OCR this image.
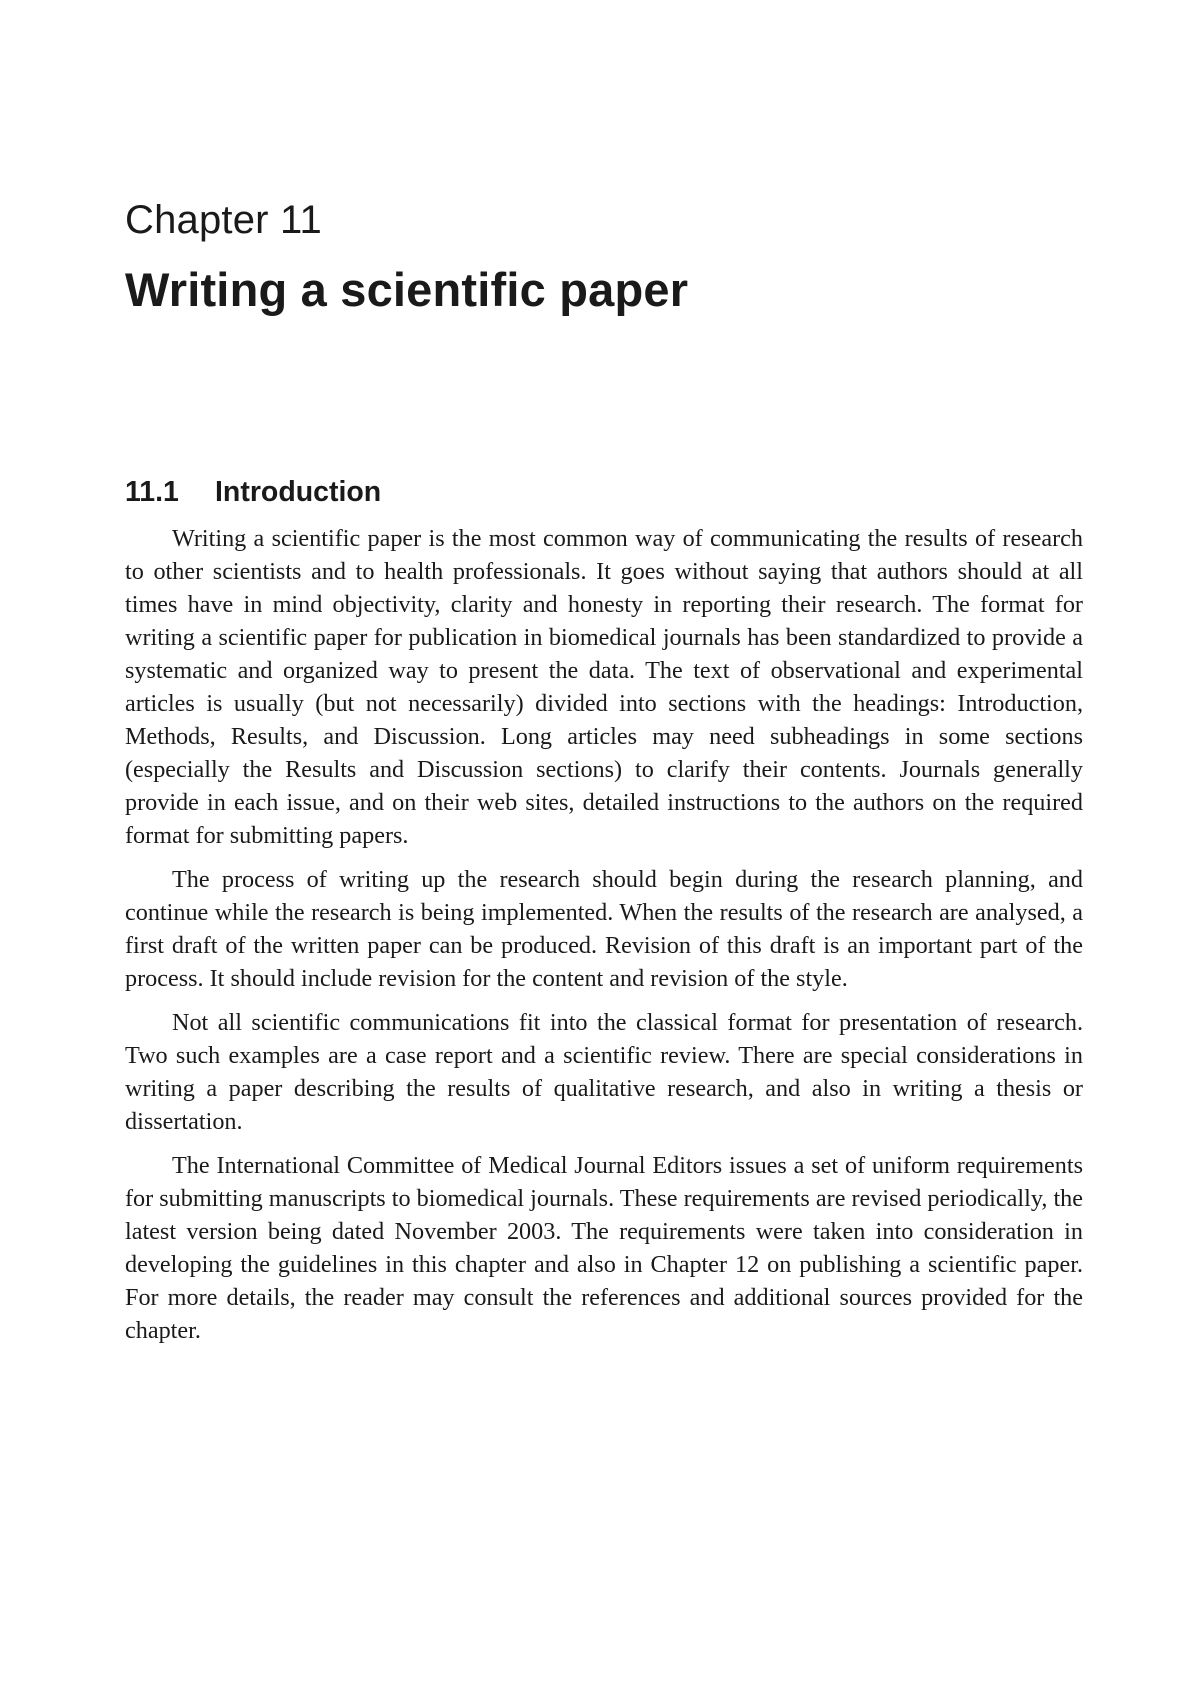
Chapter 11
Writing a scientific paper
11.1 Introduction

Writing a scientific paper is the most common way of communicating the results of research to other scientists and to health professionals. It goes without saying that authors should at all times have in mind objectivity, clarity and honesty in reporting their research. The format for writing a scientific paper for publication in biomedical journals has been standardized to provide a systematic and organized way to present the data. The text of observational and experimental articles is usually (but not necessarily) divided into sections with the headings: Introduction, Methods, Results, and Discussion. Long articles may need subheadings in some sections (especially the Results and Discussion sections) to clarify their contents. Journals generally provide in each issue, and on their web sites, detailed instructions to the authors on the required format for submitting papers.

The process of writing up the research should begin during the research planning, and continue while the research is being implemented. When the results of the research are analysed, a first draft of the written paper can be produced. Revision of this draft is an important part of the process. It should include revision for the content and revision of the style.

Not all scientific communications fit into the classical format for presentation of research. Two such examples are a case report and a scientific review. There are special considerations in writing a paper describing the results of qualitative research, and also in writing a thesis or dissertation.

The International Committee of Medical Journal Editors issues a set of uniform requirements for submitting manuscripts to biomedical journals. These requirements are revised periodically, the latest version being dated November 2003. The requirements were taken into consideration in developing the guidelines in this chapter and also in Chapter 12 on publishing a scientific paper. For more details, the reader may consult the references and additional sources provided for the chapter.
